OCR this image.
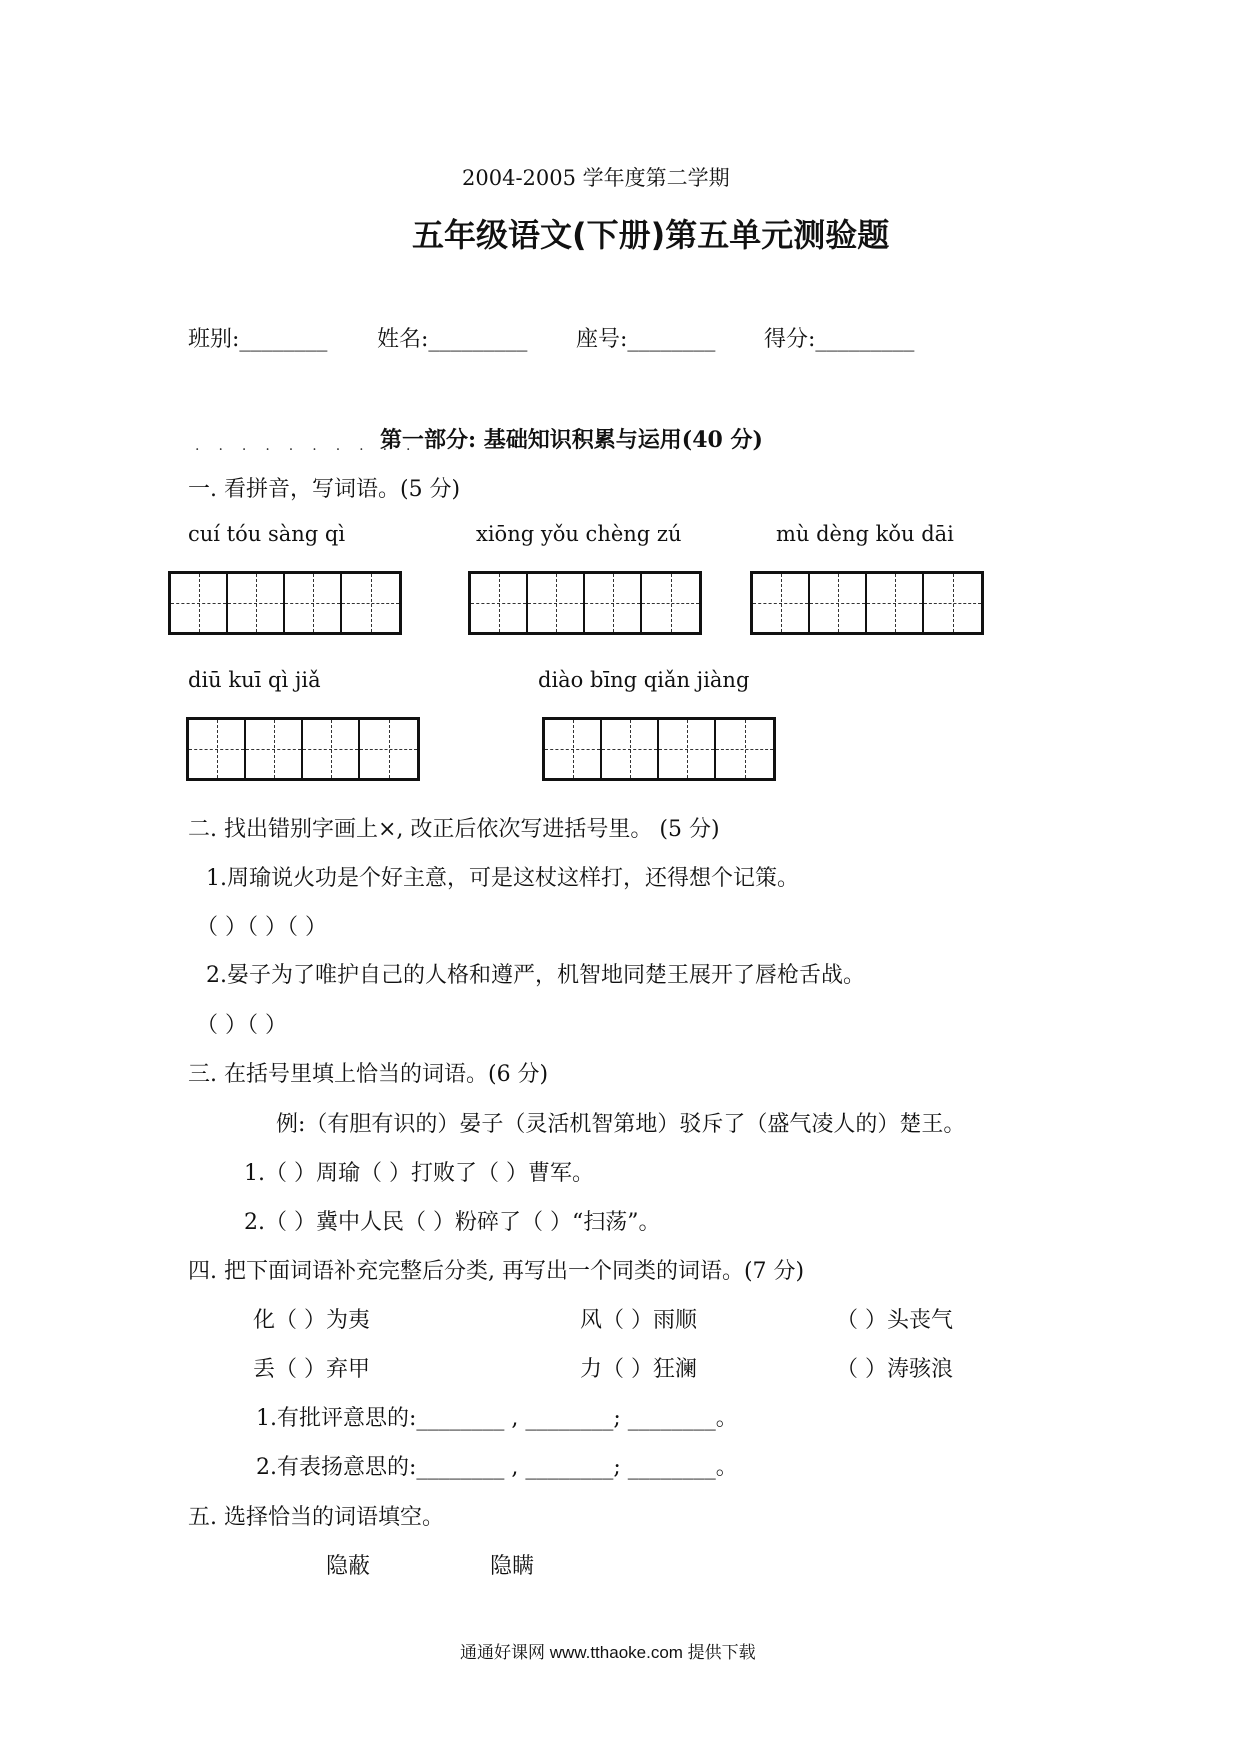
2004-2005 学年度第二学期
五年级语文(下册)第五单元测验题
班别:________ 姓名:_________ 座号:________ 得分:_________
..........
第一部分: 基础知识积累与运用(40 分)
一. 看拼音，写词语。(5 分)
cuí tóu sàng qì	xiōng yǒu chèng zú	mù dèng kǒu dāi
diū kuī qì jiǎ	diào bīng qiǎn jiàng
二. 找出错别字画上×, 改正后依次写进括号里。 (5 分)
1.周瑜说火功是个好主意，可是这杖这样打，还得想个记策。
（ ）（ ）（ ）
2.晏子为了唯护自己的人格和遵严，机智地同楚王展开了唇枪舌战。
（ ）（ ）
三. 在括号里填上恰当的词语。(6 分)
例:（有胆有识的）晏子（灵活机智第地）驳斥了（盛气凌人的）楚王。
1.（ ）周瑜（ ）打败了（ ）曹军。
2.（ ）冀中人民（ ）粉碎了（ ）“扫荡”。
四. 把下面词语补充完整后分类, 再写出一个同类的词语。(7 分)
化（ ）为夷	风（ ）雨顺	（ ）头丧气
丢（ ）弃甲	力（ ）狂澜	（ ）涛骇浪
1.有批评意思的:________ , ________; ________。
2.有表扬意思的:________ , ________; ________。
五. 选择恰当的词语填空。
隐蔽	隐瞒
通通好课网 www.tthaoke.com 提供下载
